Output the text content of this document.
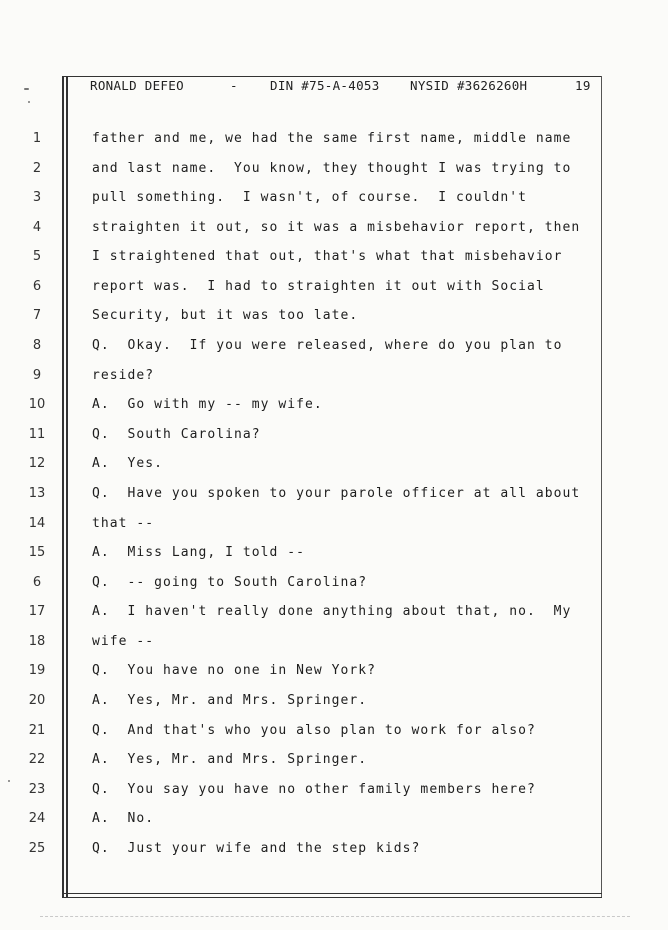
RONALD DEFEO	-	DIN #75-A-4053 NYSID #3626260H	19
1	father and me, we had the same first name, middle name
2	and last name.  You know, they thought I was trying to
3	pull something.  I wasn't, of course.  I couldn't
4	straighten it out, so it was a misbehavior report, then
5	I straightened that out, that's what that misbehavior
6	report was.  I had to straighten it out with Social
7	Security, but it was too late.
8	Q.  Okay.  If you were released, where do you plan to
9	reside?
10	A.  Go with my -- my wife.
11	Q.  South Carolina?
12	A.  Yes.
13	Q.  Have you spoken to your parole officer at all about
14	that --
15	A.  Miss Lang, I told --
6	Q.  -- going to South Carolina?
17	A.  I haven't really done anything about that, no.  My
18	wife --
19	Q.  You have no one in New York?
20	A.  Yes, Mr. and Mrs. Springer.
21	Q.  And that's who you also plan to work for also?
22	A.  Yes, Mr. and Mrs. Springer.
23	Q.  You say you have no other family members here?
24	A.  No.
25	Q.  Just your wife and the step kids?
